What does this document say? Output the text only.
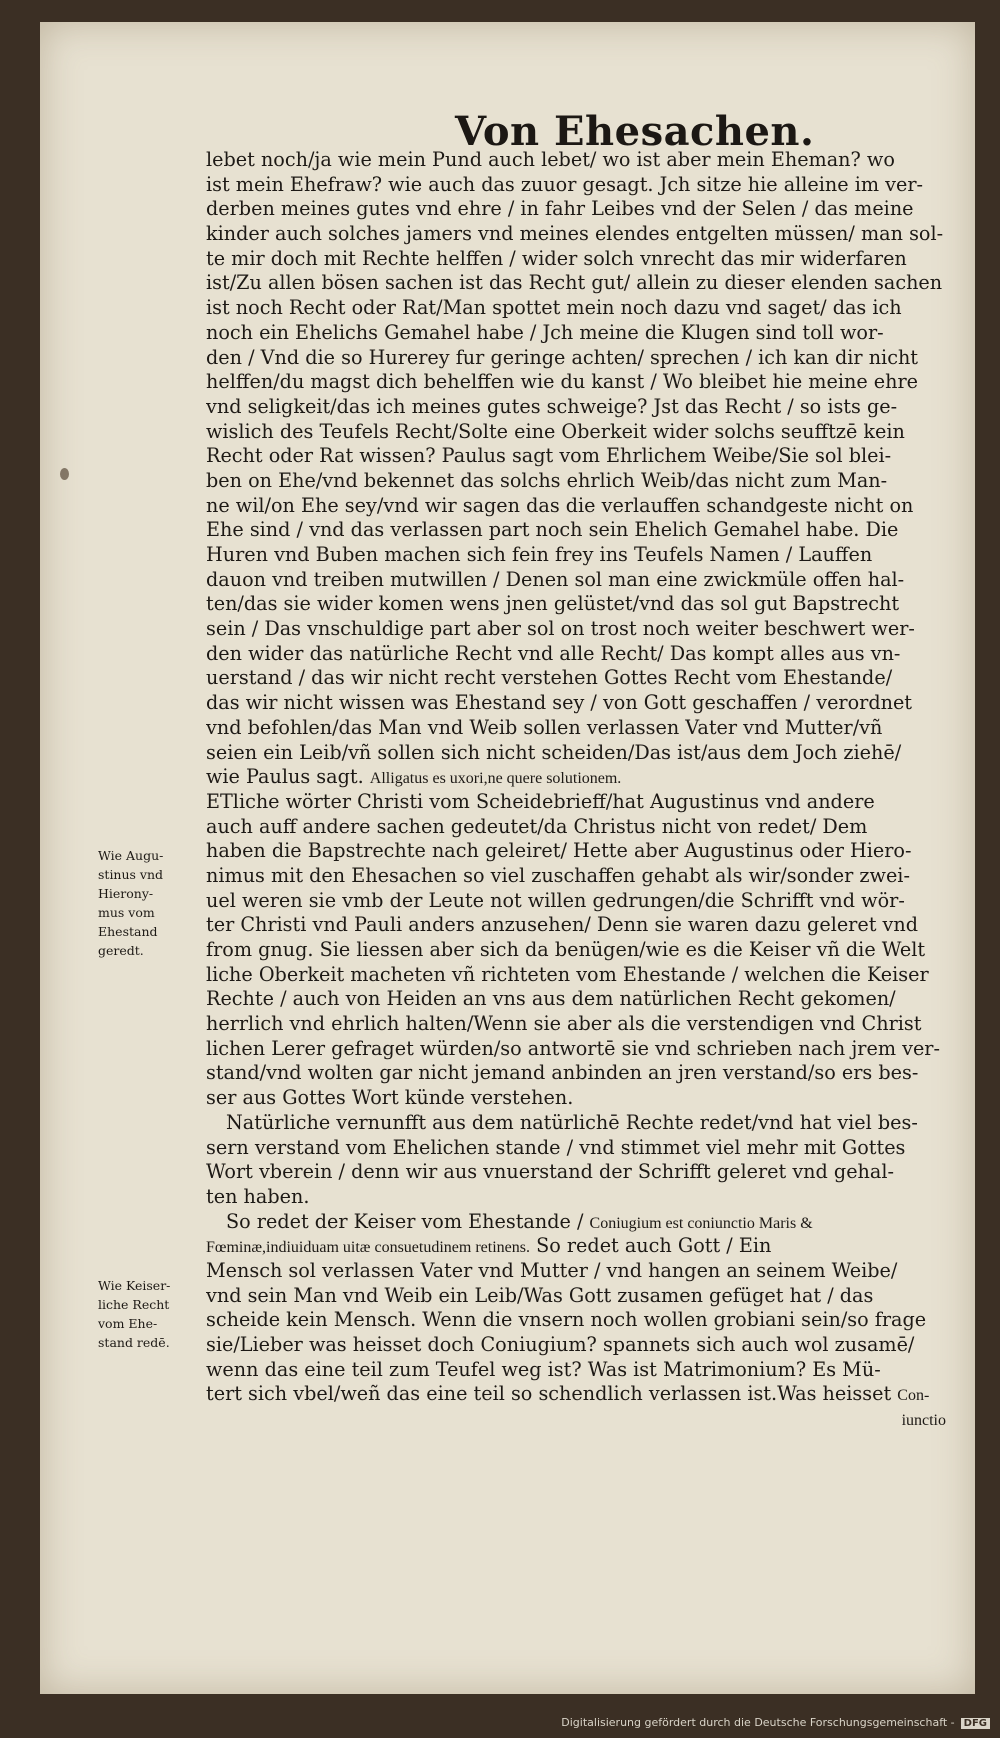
Von Ehesachen.
Wie Augu-
stinus vnd
Hierony-
mus vom
Ehestand
geredt.
Wie Keiser-
liche Recht
vom Ehe-
stand redē.
lebet noch/ja wie mein Pund auch lebet/ wo ist aber mein Eheman? wo
ist mein Ehefraw? wie auch das zuuor gesagt. Jch sitze hie alleine im ver-
derben meines gutes vnd ehre / in fahr Leibes vnd der Selen / das meine
kinder auch solches jamers vnd meines elendes entgelten müssen/ man sol-
te mir doch mit Rechte helffen / wider solch vnrecht das mir widerfaren
ist/Zu allen bösen sachen ist das Recht gut/ allein zu dieser elenden sachen
ist noch Recht oder Rat/Man spottet mein noch dazu vnd saget/ das ich
noch ein Ehelichs Gemahel habe / Jch meine die Klugen sind toll wor-
den / Vnd die so Hurerey fur geringe achten/ sprechen / ich kan dir nicht
helffen/du magst dich behelffen wie du kanst / Wo bleibet hie meine ehre
vnd seligkeit/das ich meines gutes schweige? Jst das Recht / so ists ge-
wislich des Teufels Recht/Solte eine Oberkeit wider solchs seufftzē kein
Recht oder Rat wissen? Paulus sagt vom Ehrlichem Weibe/Sie sol blei-
ben on Ehe/vnd bekennet das solchs ehrlich Weib/das nicht zum Man-
ne wil/on Ehe sey/vnd wir sagen das die verlauffen schandgeste nicht on
Ehe sind / vnd das verlassen part noch sein Ehelich Gemahel habe. Die
Huren vnd Buben machen sich fein frey ins Teufels Namen / Lauffen
dauon vnd treiben mutwillen / Denen sol man eine zwickmüle offen hal-
ten/das sie wider komen wens jnen gelüstet/vnd das sol gut Bapstrecht
sein / Das vnschuldige part aber sol on trost noch weiter beschwert wer-
den wider das natürliche Recht vnd alle Recht/ Das kompt alles aus vn-
uerstand / das wir nicht recht verstehen Gottes Recht vom Ehestande/
das wir nicht wissen was Ehestand sey / von Gott geschaffen / verordnet
vnd befohlen/das Man vnd Weib sollen verlassen Vater vnd Mutter/vñ
seien ein Leib/vñ sollen sich nicht scheiden/Das ist/aus dem Joch ziehē/
wie Paulus sagt. Alligatus es uxori,ne quere solutionem.
ETliche wörter Christi vom Scheidebrieff/hat Augustinus vnd andere
auch auff andere sachen gedeutet/da Christus nicht von redet/ Dem
haben die Bapstrechte nach geleiret/ Hette aber Augustinus oder Hiero-
nimus mit den Ehesachen so viel zuschaffen gehabt als wir/sonder zwei-
uel weren sie vmb der Leute not willen gedrungen/die Schrifft vnd wör-
ter Christi vnd Pauli anders anzusehen/ Denn sie waren dazu geleret vnd
from gnug. Sie liessen aber sich da benügen/wie es die Keiser vñ die Welt
liche Oberkeit macheten vñ richteten vom Ehestande / welchen die Keiser
Rechte / auch von Heiden an vns aus dem natürlichen Recht gekomen/
herrlich vnd ehrlich halten/Wenn sie aber als die verstendigen vnd Christ
lichen Lerer gefraget würden/so antwortē sie vnd schrieben nach jrem ver-
stand/vnd wolten gar nicht jemand anbinden an jren verstand/so ers bes-
ser aus Gottes Wort künde verstehen.
Natürliche vernunfft aus dem natürlichē Rechte redet/vnd hat viel bes-
sern verstand vom Ehelichen stande / vnd stimmet viel mehr mit Gottes
Wort vberein / denn wir aus vnuerstand der Schrifft geleret vnd gehal-
ten haben.
So redet der Keiser vom Ehestande / Coniugium est coniunctio Maris &
Fœminæ,indiuiduam uitæ consuetudinem retinens. So redet auch Gott / Ein
Mensch sol verlassen Vater vnd Mutter / vnd hangen an seinem Weibe/
vnd sein Man vnd Weib ein Leib/Was Gott zusamen gefüget hat / das
scheide kein Mensch. Wenn die vnsern noch wollen grobiani sein/so frage
sie/Lieber was heisset doch Coniugium? spannets sich auch wol zusamē/
wenn das eine teil zum Teufel weg ist? Was ist Matrimonium? Es Mü-
tert sich vbel/weñ das eine teil so schendlich verlassen ist.Was heisset Con-
iunctio
Digitalisierung gefördert durch die Deutsche Forschungsgemeinschaft - DFG
